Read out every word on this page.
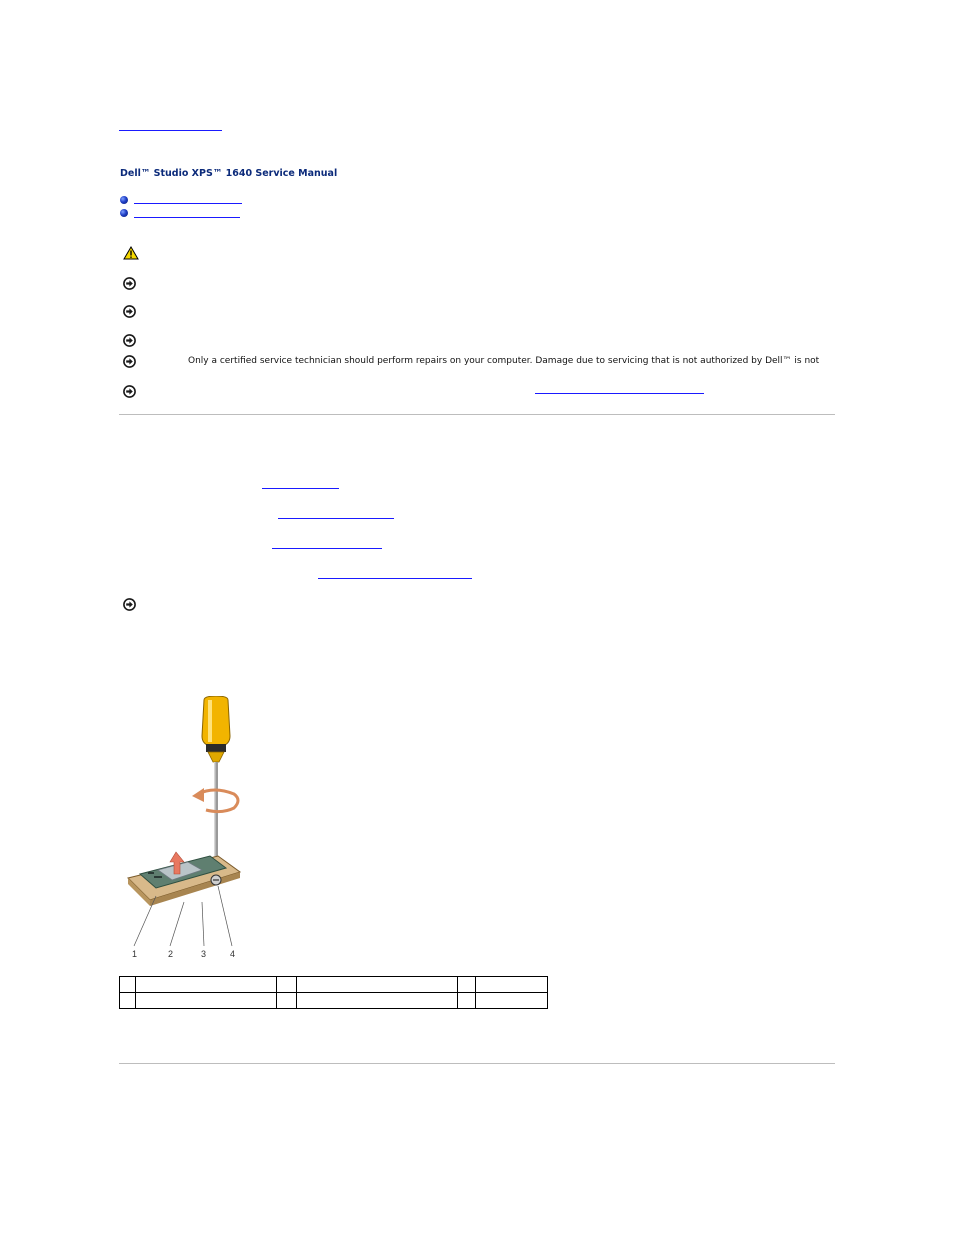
Dell™ Studio XPS™ 1640 Service Manual
Only a certified service technician should perform repairs on your computer. Damage due to servicing that is not authorized by Dell™ is not
1	2	3	4
